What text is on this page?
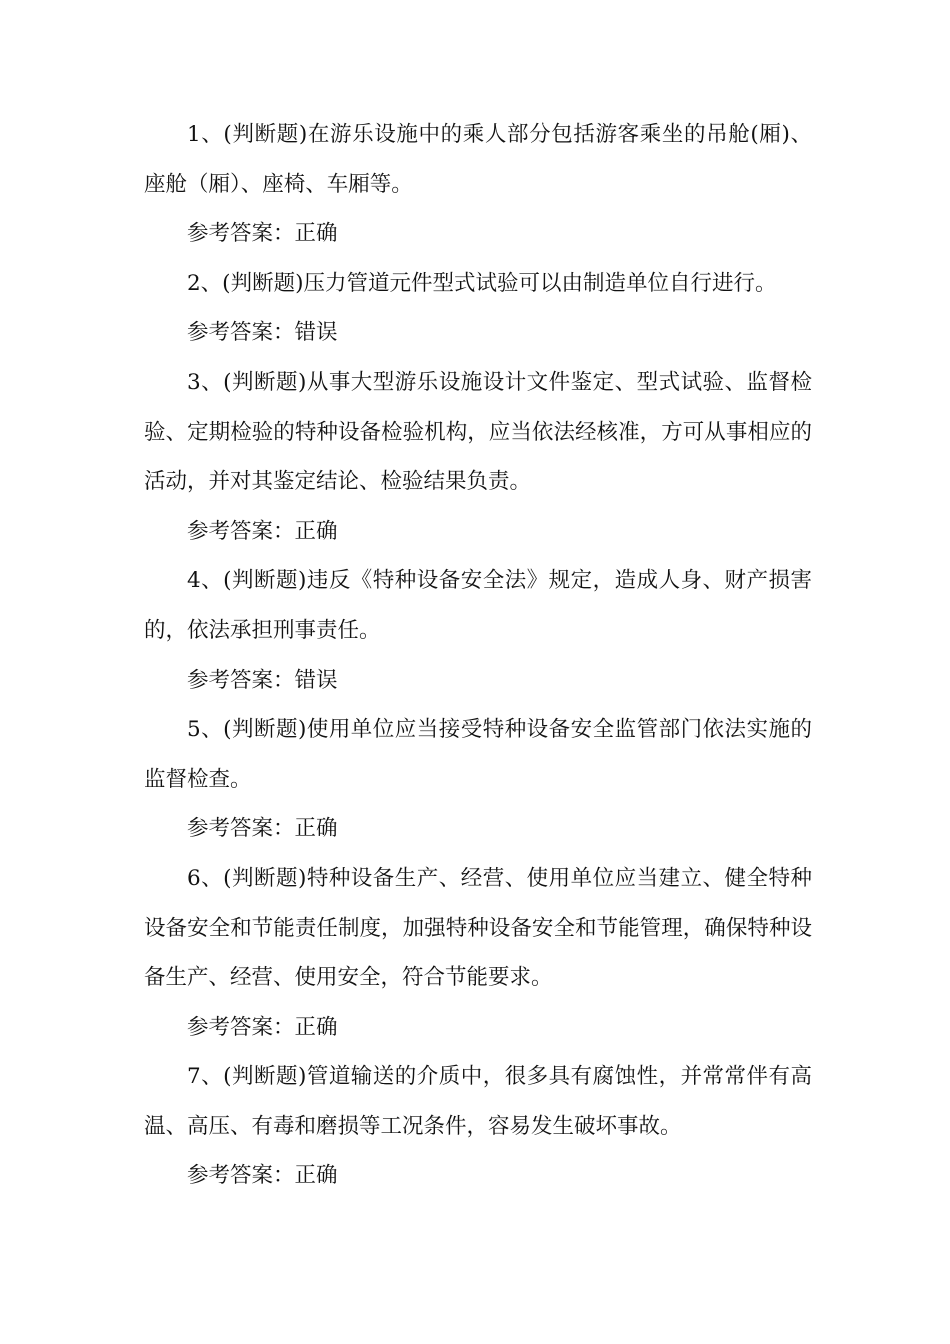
1、(判断题)在游乐设施中的乘人部分包括游客乘坐的吊舱(厢)、座舱（厢）、座椅、车厢等。

参考答案：正确

2、(判断题)压力管道元件型式试验可以由制造单位自行进行。

参考答案：错误

3、(判断题)从事大型游乐设施设计文件鉴定、型式试验、监督检验、定期检验的特种设备检验机构，应当依法经核准，方可从事相应的活动，并对其鉴定结论、检验结果负责。

参考答案：正确

4、(判断题)违反《特种设备安全法》规定，造成人身、财产损害的，依法承担刑事责任。

参考答案：错误

5、(判断题)使用单位应当接受特种设备安全监管部门依法实施的监督检查。

参考答案：正确

6、(判断题)特种设备生产、经营、使用单位应当建立、健全特种设备安全和节能责任制度，加强特种设备安全和节能管理，确保特种设备生产、经营、使用安全，符合节能要求。

参考答案：正确

7、(判断题)管道输送的介质中，很多具有腐蚀性，并常常伴有高温、高压、有毒和磨损等工况条件，容易发生破坏事故。

参考答案：正确
